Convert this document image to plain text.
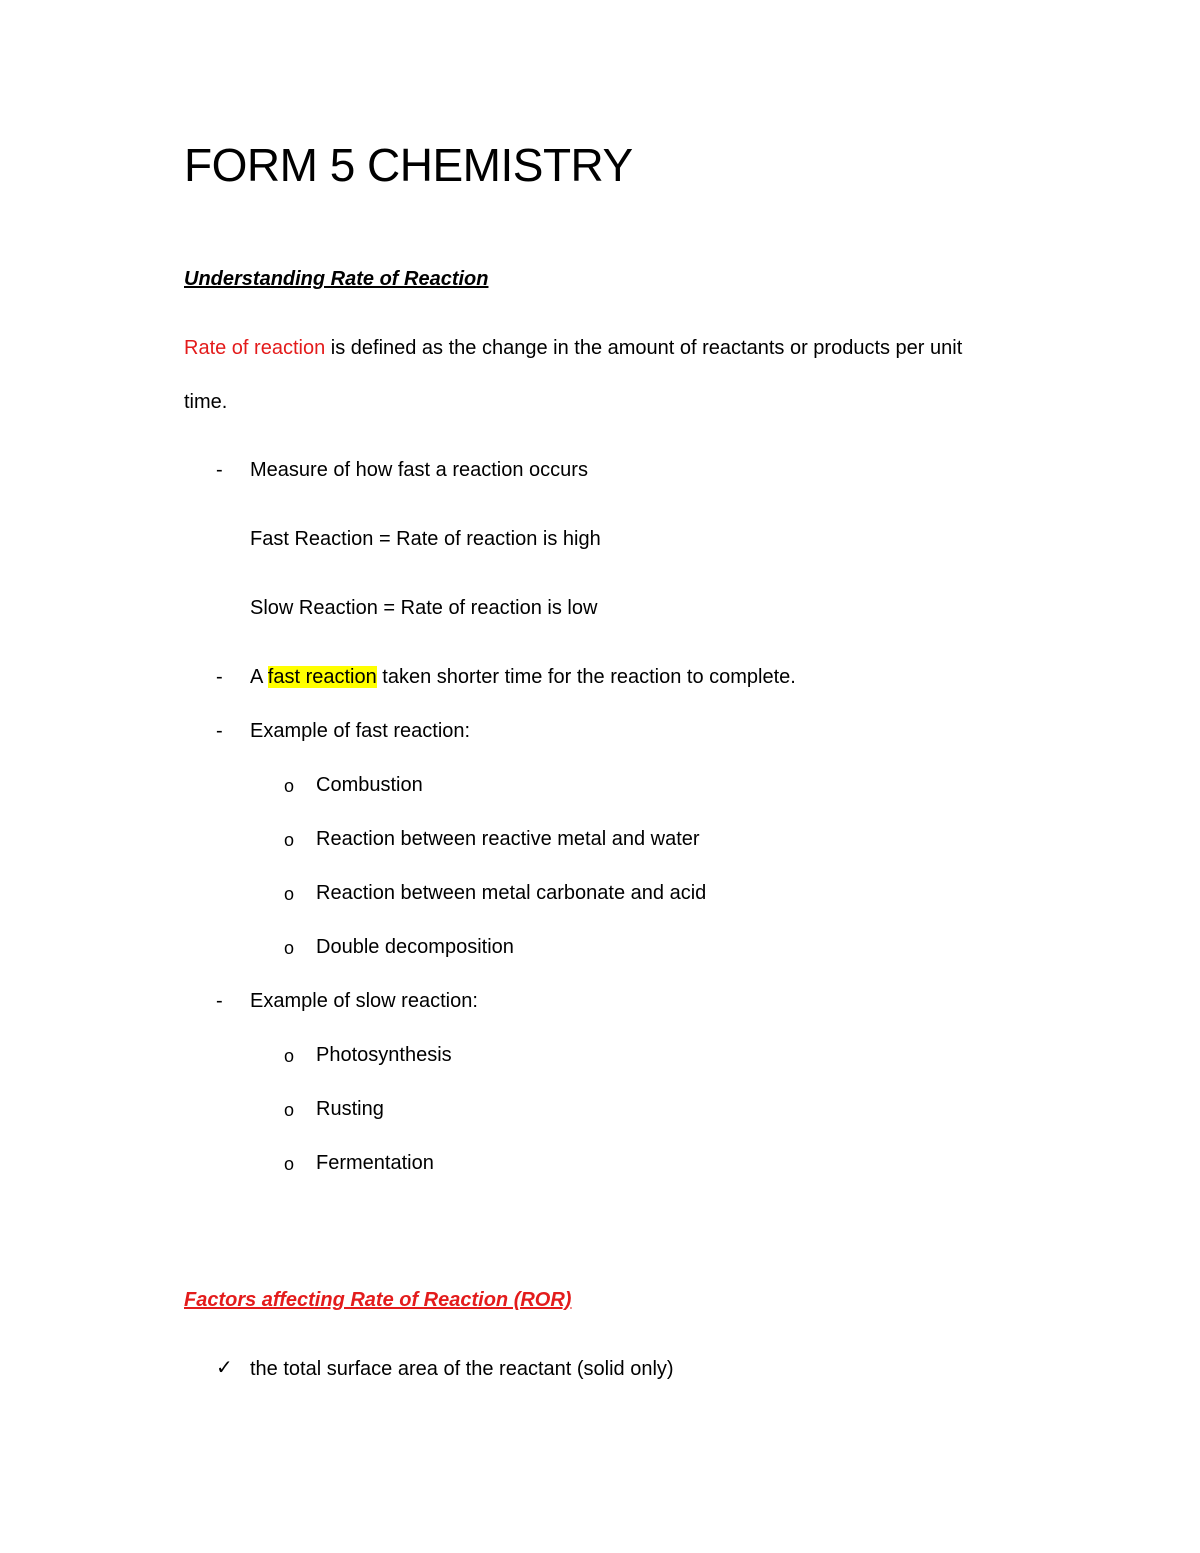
FORM 5 CHEMISTRY
Understanding Rate of Reaction
Rate of reaction is defined as the change in the amount of reactants or products per unit
time.
- Measure of how fast a reaction occurs
Fast Reaction = Rate of reaction is high
Slow Reaction = Rate of reaction is low
- A fast reaction taken shorter time for the reaction to complete.
- Example of fast reaction:
o Combustion
o Reaction between reactive metal and water
o Reaction between metal carbonate and acid
o Double decomposition
- Example of slow reaction:
o Photosynthesis
o Rusting
o Fermentation
Factors affecting Rate of Reaction (ROR)
✓ the total surface area of the reactant (solid only)
